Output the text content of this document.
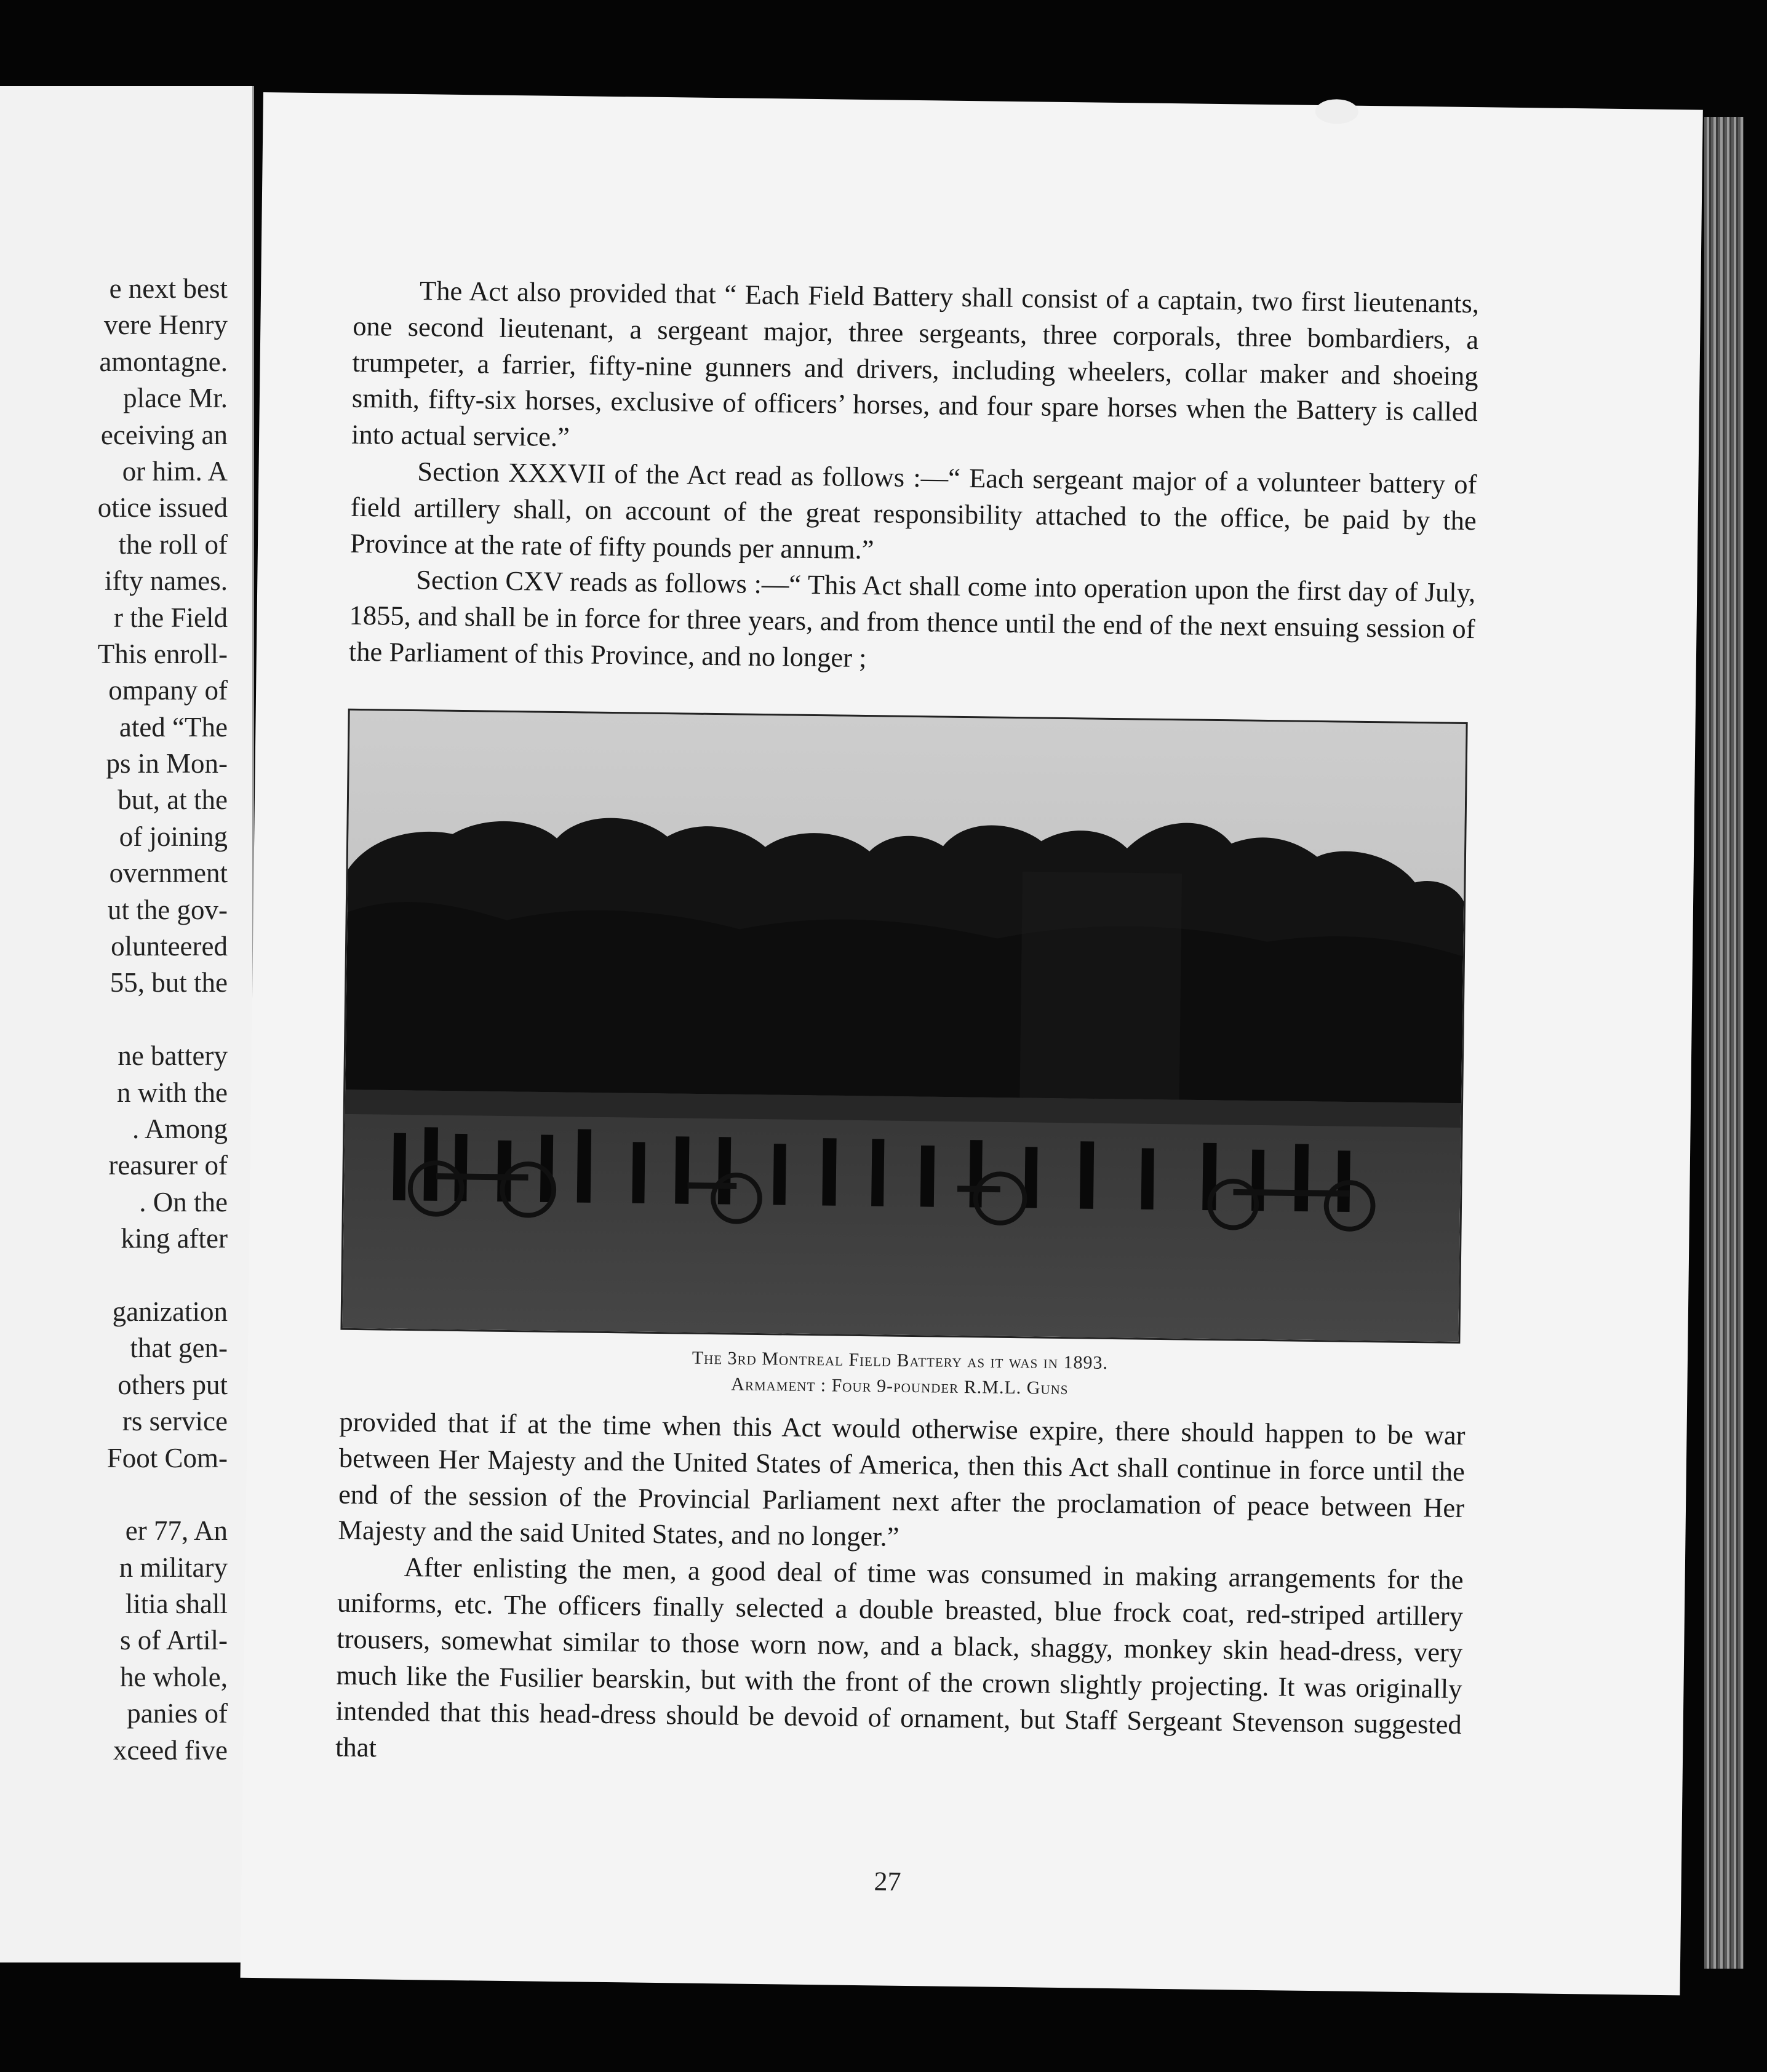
e next best
vere Henry
amontagne.
place Mr.
eceiving an
or him. A
otice issued
the roll of
ifty names.
r the Field
This enroll-
ompany of
ated “The
ps in Mon-
but, at the
of joining
overnment
ut the gov-
olunteered
55, but the
ne battery
n with the
. Among
reasurer of
. On the
king after
ganization
that gen-
others put
rs service
Foot Com-
er 77, An
n military
litia shall
s of Artil-
he whole,
panies of
xceed five

The Act also provided that “ Each Field Battery shall consist of a captain, two first lieutenants, one second lieutenant, a sergeant major, three sergeants, three corporals, three bombardiers, a trumpeter, a farrier, fifty-nine gunners and drivers, including wheelers, collar maker and shoeing smith, fifty-six horses, exclusive of officers’ horses, and four spare horses when the Battery is called into actual service.”

Section XXXVII of the Act read as follows :—“ Each sergeant major of a volunteer battery of field artillery shall, on account of the great responsibility attached to the office, be paid by the Province at the rate of fifty pounds per annum.”

Section CXV reads as follows :—“ This Act shall come into operation upon the first day of July, 1855, and shall be in force for three years, and from thence until the end of the next ensuing session of the Parliament of this Province, and no longer ;

The 3rd Montreal Field Battery as it was in 1893.
Armament : Four 9-pounder R.M.L. Guns

provided that if at the time when this Act would otherwise expire, there should happen to be war between Her Majesty and the United States of America, then this Act shall continue in force until the end of the session of the Provincial Parliament next after the proclamation of peace between Her Majesty and the said United States, and no longer.”

After enlisting the men, a good deal of time was consumed in making arrangements for the uniforms, etc. The officers finally selected a double breasted, blue frock coat, red-striped artillery trousers, somewhat similar to those worn now, and a black, shaggy, monkey skin head-dress, very much like the Fusilier bearskin, but with the front of the crown slightly projecting. It was originally intended that this head-dress should be devoid of ornament, but Staff Sergeant Stevenson suggested that

27
